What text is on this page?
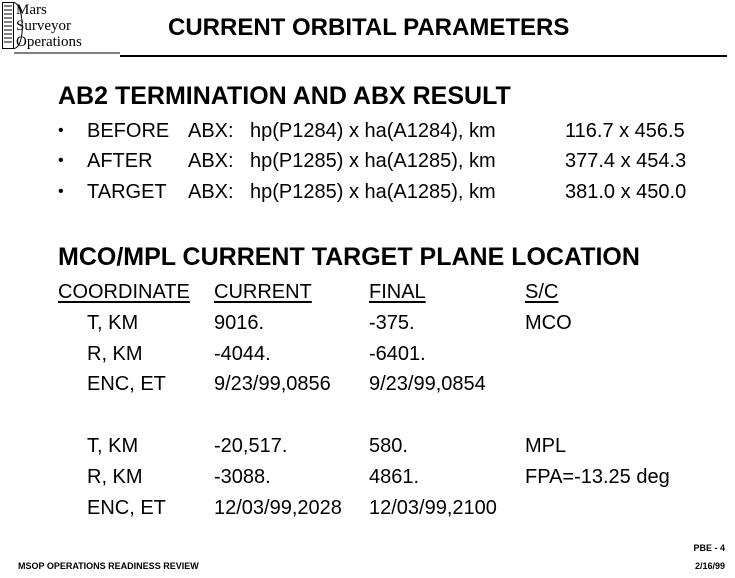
Mars
Surveyor
Operations
CURRENT ORBITAL PARAMETERS
AB2 TERMINATION AND ABX RESULT
• BEFORE ABX: hp(P1284) x ha(A1284), km	116.7 x 456.5
• AFTER ABX: hp(P1285) x ha(A1285), km	377.4 x 454.3
• TARGET ABX: hp(P1285) x ha(A1285), km	381.0 x 450.0
MCO/MPL CURRENT TARGET PLANE LOCATION
COORDINATE CURRENT	FINAL	S/C
T, KM	9016.	-375.	MCO
R, KM	-4044.	-6401.
ENC, ET 9/23/99,0856 9/23/99,0854
T, KM	-20,517.	580.	MPL
R, KM	-3088.	4861.	FPA=-13.25 deg
ENC, ET 12/03/99,2028 12/03/99,2100
MSOP OPERATIONS READINESS REVIEW
PBE - 4
2/16/99
